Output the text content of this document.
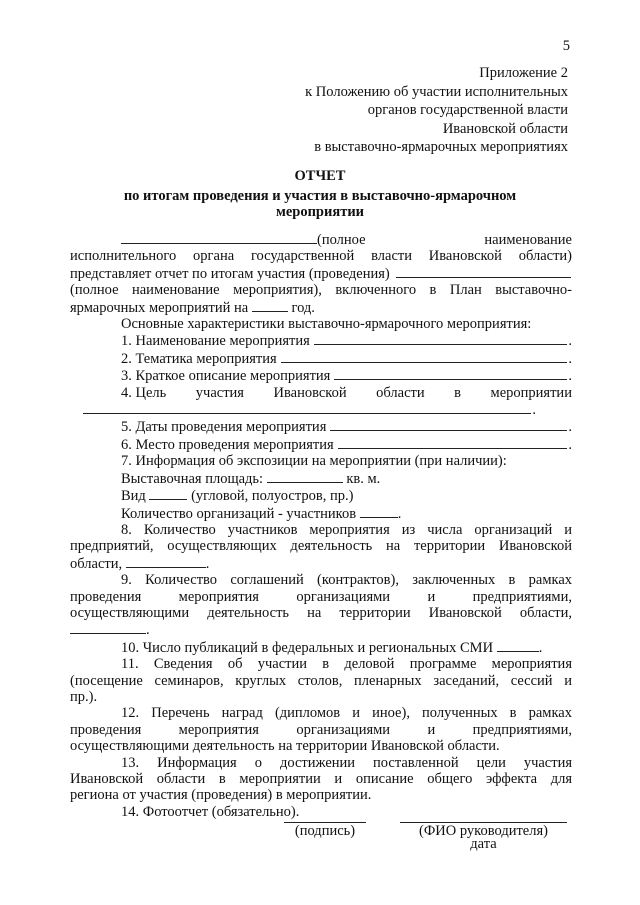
5
Приложение 2
к Положению об участии исполнительных
органов государственной власти
Ивановской области
в выставочно-ярмарочных мероприятиях
ОТЧЕТ
по итогам проведения и участия в выставочно-ярмарочном
мероприятии

(полное	наименование

исполнительного органа государственной власти Ивановской области)

представляет отчет по итогам участия (проведения)

(полное наименование мероприятия), включенного в План выставочно-

ярмарочных мероприятий на	год.

Основные характеристики выставочно-ярмарочного мероприятия:

1. Наименование мероприятия	.

2. Тематика мероприятия	.

3. Краткое описание мероприятия	.

4. Цель участия Ивановской области в мероприятии

.

5. Даты проведения мероприятия	.

6. Место проведения мероприятия	.

7. Информация об экспозиции на мероприятии (при наличии):

Выставочная площадь:	кв. м.

Вид	(угловой, полуостров, пр.)

Количество организаций - участников	.

8. Количество участников мероприятия из числа организаций и

предприятий, осуществляющих деятельность на территории Ивановской

области,	.

9. Количество соглашений (контрактов), заключенных в рамках

проведения мероприятия организациями и предприятиями,

осуществляющими деятельность на территории Ивановской области,

.

10. Число публикаций в федеральных и региональных СМИ	.

11. Сведения об участии в деловой программе мероприятия

(посещение семинаров, круглых столов, пленарных заседаний, сессий и

пр.).

12. Перечень наград (дипломов и иное), полученных в рамках

проведения мероприятия организациями и предприятиями,

осуществляющими деятельность на территории Ивановской области.

13. Информация о достижении поставленной цели участия

Ивановской области в мероприятии и описание общего эффекта для

региона от участия (проведения) в мероприятии.

14. Фотоотчет (обязательно).

(подпись)	(ФИО руководителя)
дата
